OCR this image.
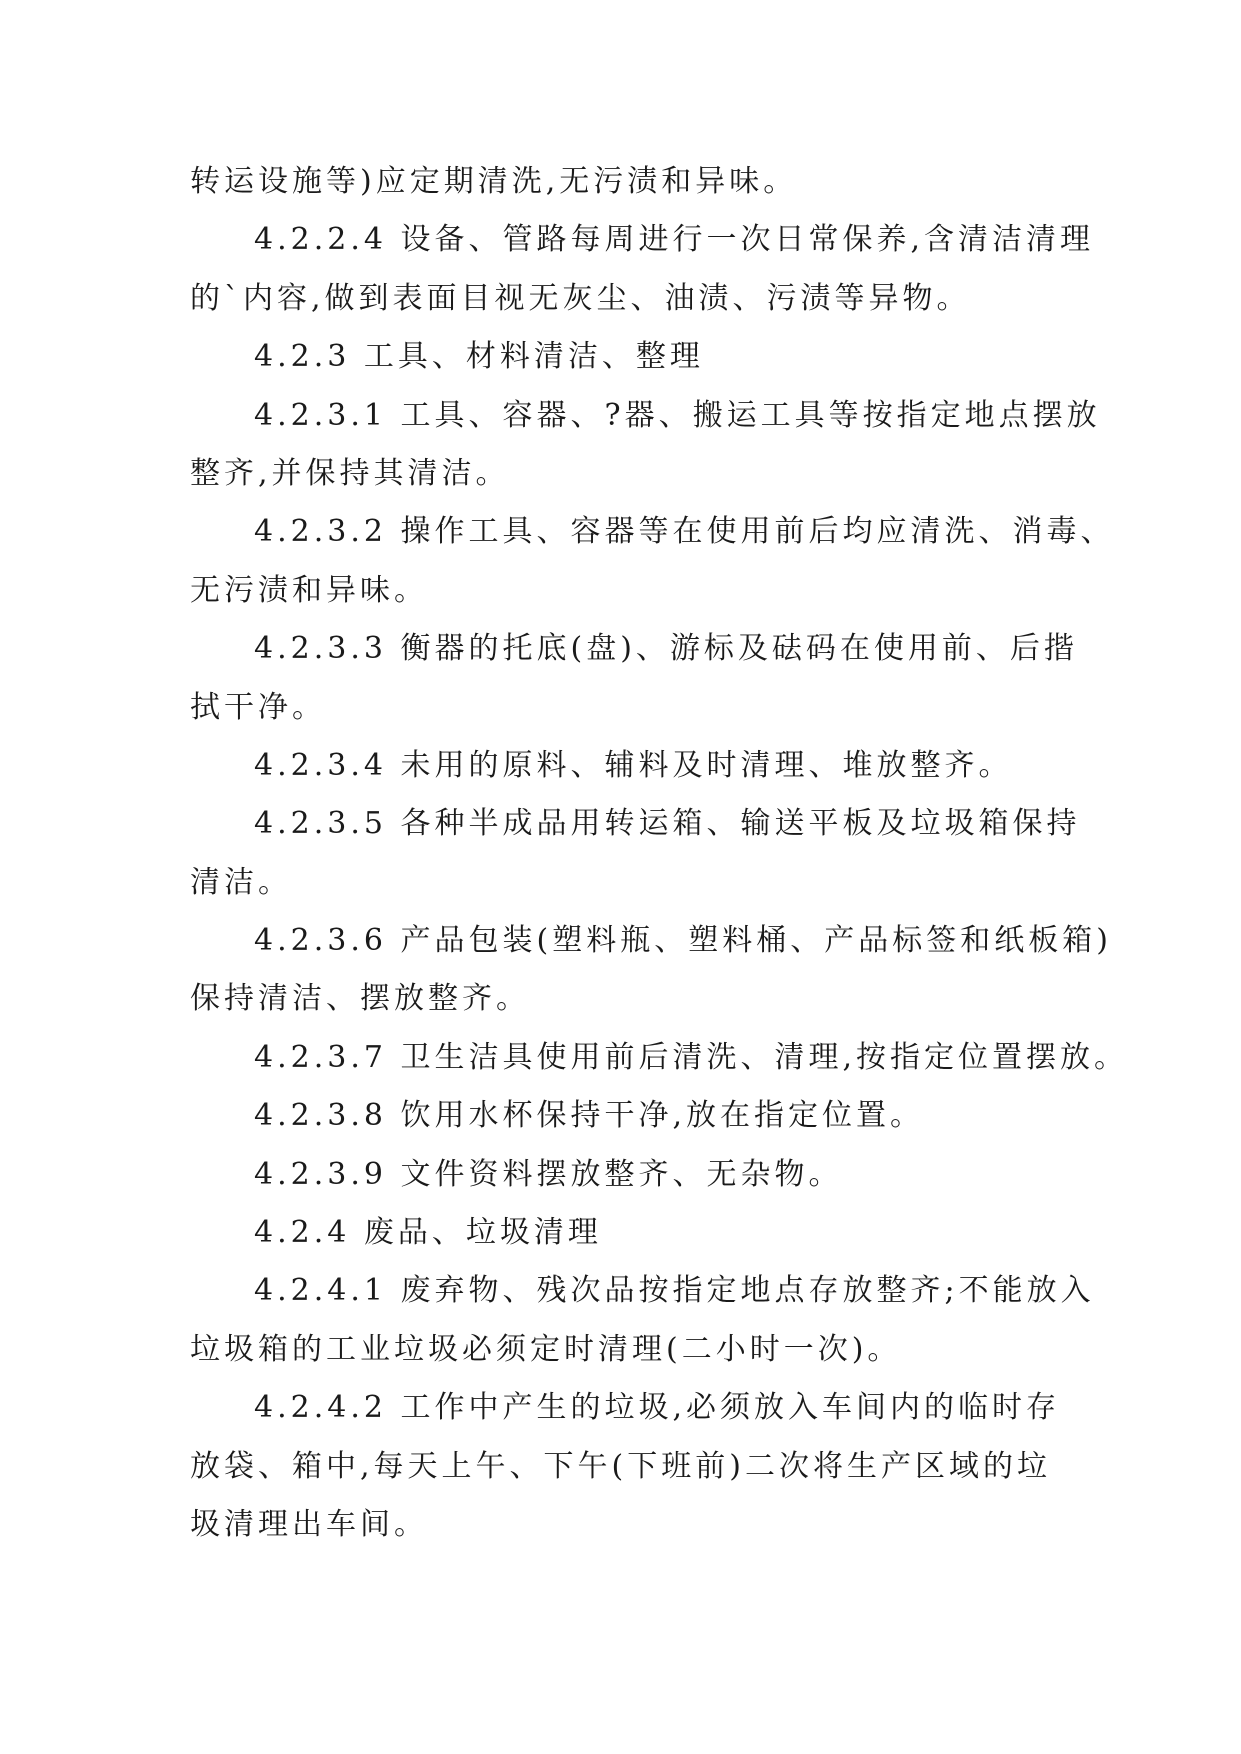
转运设施等)应定期清洗,无污渍和异味。
4.2.2.4 设备、管路每周进行一次日常保养,含清洁清理
的`内容,做到表面目视无灰尘、油渍、污渍等异物。
4.2.3 工具、材料清洁、整理
4.2.3.1 工具、容器、?器、搬运工具等按指定地点摆放
整齐,并保持其清洁。
4.2.3.2 操作工具、容器等在使用前后均应清洗、消毒、
无污渍和异味。
4.2.3.3 衡器的托底(盘)、游标及砝码在使用前、后揩
拭干净。
4.2.3.4 未用的原料、辅料及时清理、堆放整齐。
4.2.3.5 各种半成品用转运箱、输送平板及垃圾箱保持
清洁。
4.2.3.6 产品包装(塑料瓶、塑料桶、产品标签和纸板箱)
保持清洁、摆放整齐。
4.2.3.7 卫生洁具使用前后清洗、清理,按指定位置摆放。
4.2.3.8 饮用水杯保持干净,放在指定位置。
4.2.3.9 文件资料摆放整齐、无杂物。
4.2.4 废品、垃圾清理
4.2.4.1 废弃物、残次品按指定地点存放整齐;不能放入
垃圾箱的工业垃圾必须定时清理(二小时一次)。
4.2.4.2 工作中产生的垃圾,必须放入车间内的临时存
放袋、箱中,每天上午、下午(下班前)二次将生产区域的垃
圾清理出车间。
